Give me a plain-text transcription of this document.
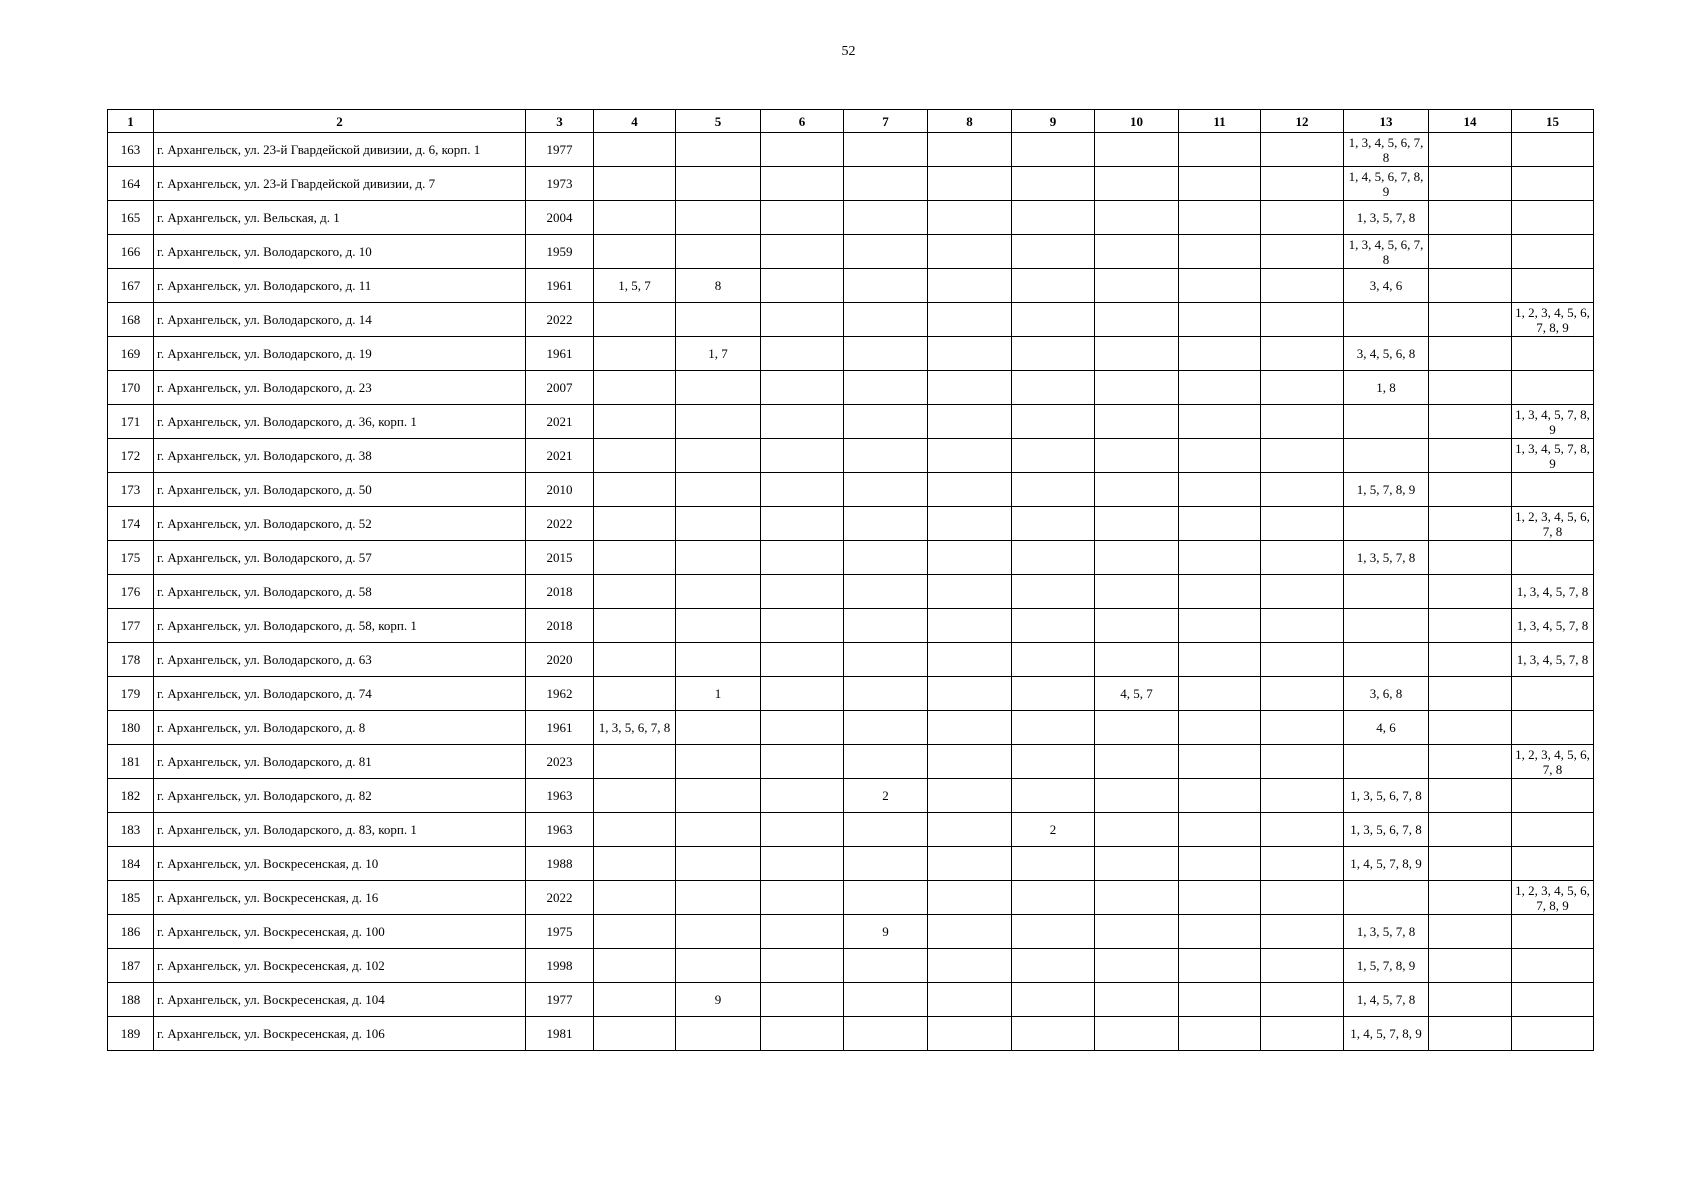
52
1	2	3	4	5	6	7	8	9	10	11	12	13	14	15
163	г. Архангельск, ул. 23-й Гвардейской дивизии, д. 6, корп. 1	1977										1, 3, 4, 5, 6, 7, 8		
164	г. Архангельск, ул. 23-й Гвардейской дивизии, д. 7	1973										1, 4, 5, 6, 7, 8, 9		
165	г. Архангельск, ул. Вельская, д. 1	2004										1, 3, 5, 7, 8		
166	г. Архангельск, ул. Володарского, д. 10	1959										1, 3, 4, 5, 6, 7, 8		
167	г. Архангельск, ул. Володарского, д. 11	1961	1, 5, 7	8								3, 4, 6		
168	г. Архангельск, ул. Володарского, д. 14	2022												1, 2, 3, 4, 5, 6, 7, 8, 9
169	г. Архангельск, ул. Володарского, д. 19	1961		1, 7								3, 4, 5, 6, 8		
170	г. Архангельск, ул. Володарского, д. 23	2007										1, 8		
171	г. Архангельск, ул. Володарского, д. 36, корп. 1	2021												1, 3, 4, 5, 7, 8, 9
172	г. Архангельск, ул. Володарского, д. 38	2021												1, 3, 4, 5, 7, 8, 9
173	г. Архангельск, ул. Володарского, д. 50	2010										1, 5, 7, 8, 9		
174	г. Архангельск, ул. Володарского, д. 52	2022												1, 2, 3, 4, 5, 6, 7, 8
175	г. Архангельск, ул. Володарского, д. 57	2015										1, 3, 5, 7, 8		
176	г. Архангельск, ул. Володарского, д. 58	2018												1, 3, 4, 5, 7, 8
177	г. Архангельск, ул. Володарского, д. 58, корп. 1	2018												1, 3, 4, 5, 7, 8
178	г. Архангельск, ул. Володарского, д. 63	2020												1, 3, 4, 5, 7, 8
179	г. Архангельск, ул. Володарского, д. 74	1962		1					4, 5, 7			3, 6, 8		
180	г. Архангельск, ул. Володарского, д. 8	1961	1, 3, 5, 6, 7, 8									4, 6		
181	г. Архангельск, ул. Володарского, д. 81	2023												1, 2, 3, 4, 5, 6, 7, 8
182	г. Архангельск, ул. Володарского, д. 82	1963				2						1, 3, 5, 6, 7, 8		
183	г. Архангельск, ул. Володарского, д. 83, корп. 1	1963						2				1, 3, 5, 6, 7, 8		
184	г. Архангельск, ул. Воскресенская, д. 10	1988										1, 4, 5, 7, 8, 9		
185	г. Архангельск, ул. Воскресенская, д. 16	2022												1, 2, 3, 4, 5, 6, 7, 8, 9
186	г. Архангельск, ул. Воскресенская, д. 100	1975				9						1, 3, 5, 7, 8		
187	г. Архангельск, ул. Воскресенская, д. 102	1998										1, 5, 7, 8, 9		
188	г. Архангельск, ул. Воскресенская, д. 104	1977		9								1, 4, 5, 7, 8		
189	г. Архангельск, ул. Воскресенская, д. 106	1981										1, 4, 5, 7, 8, 9		
